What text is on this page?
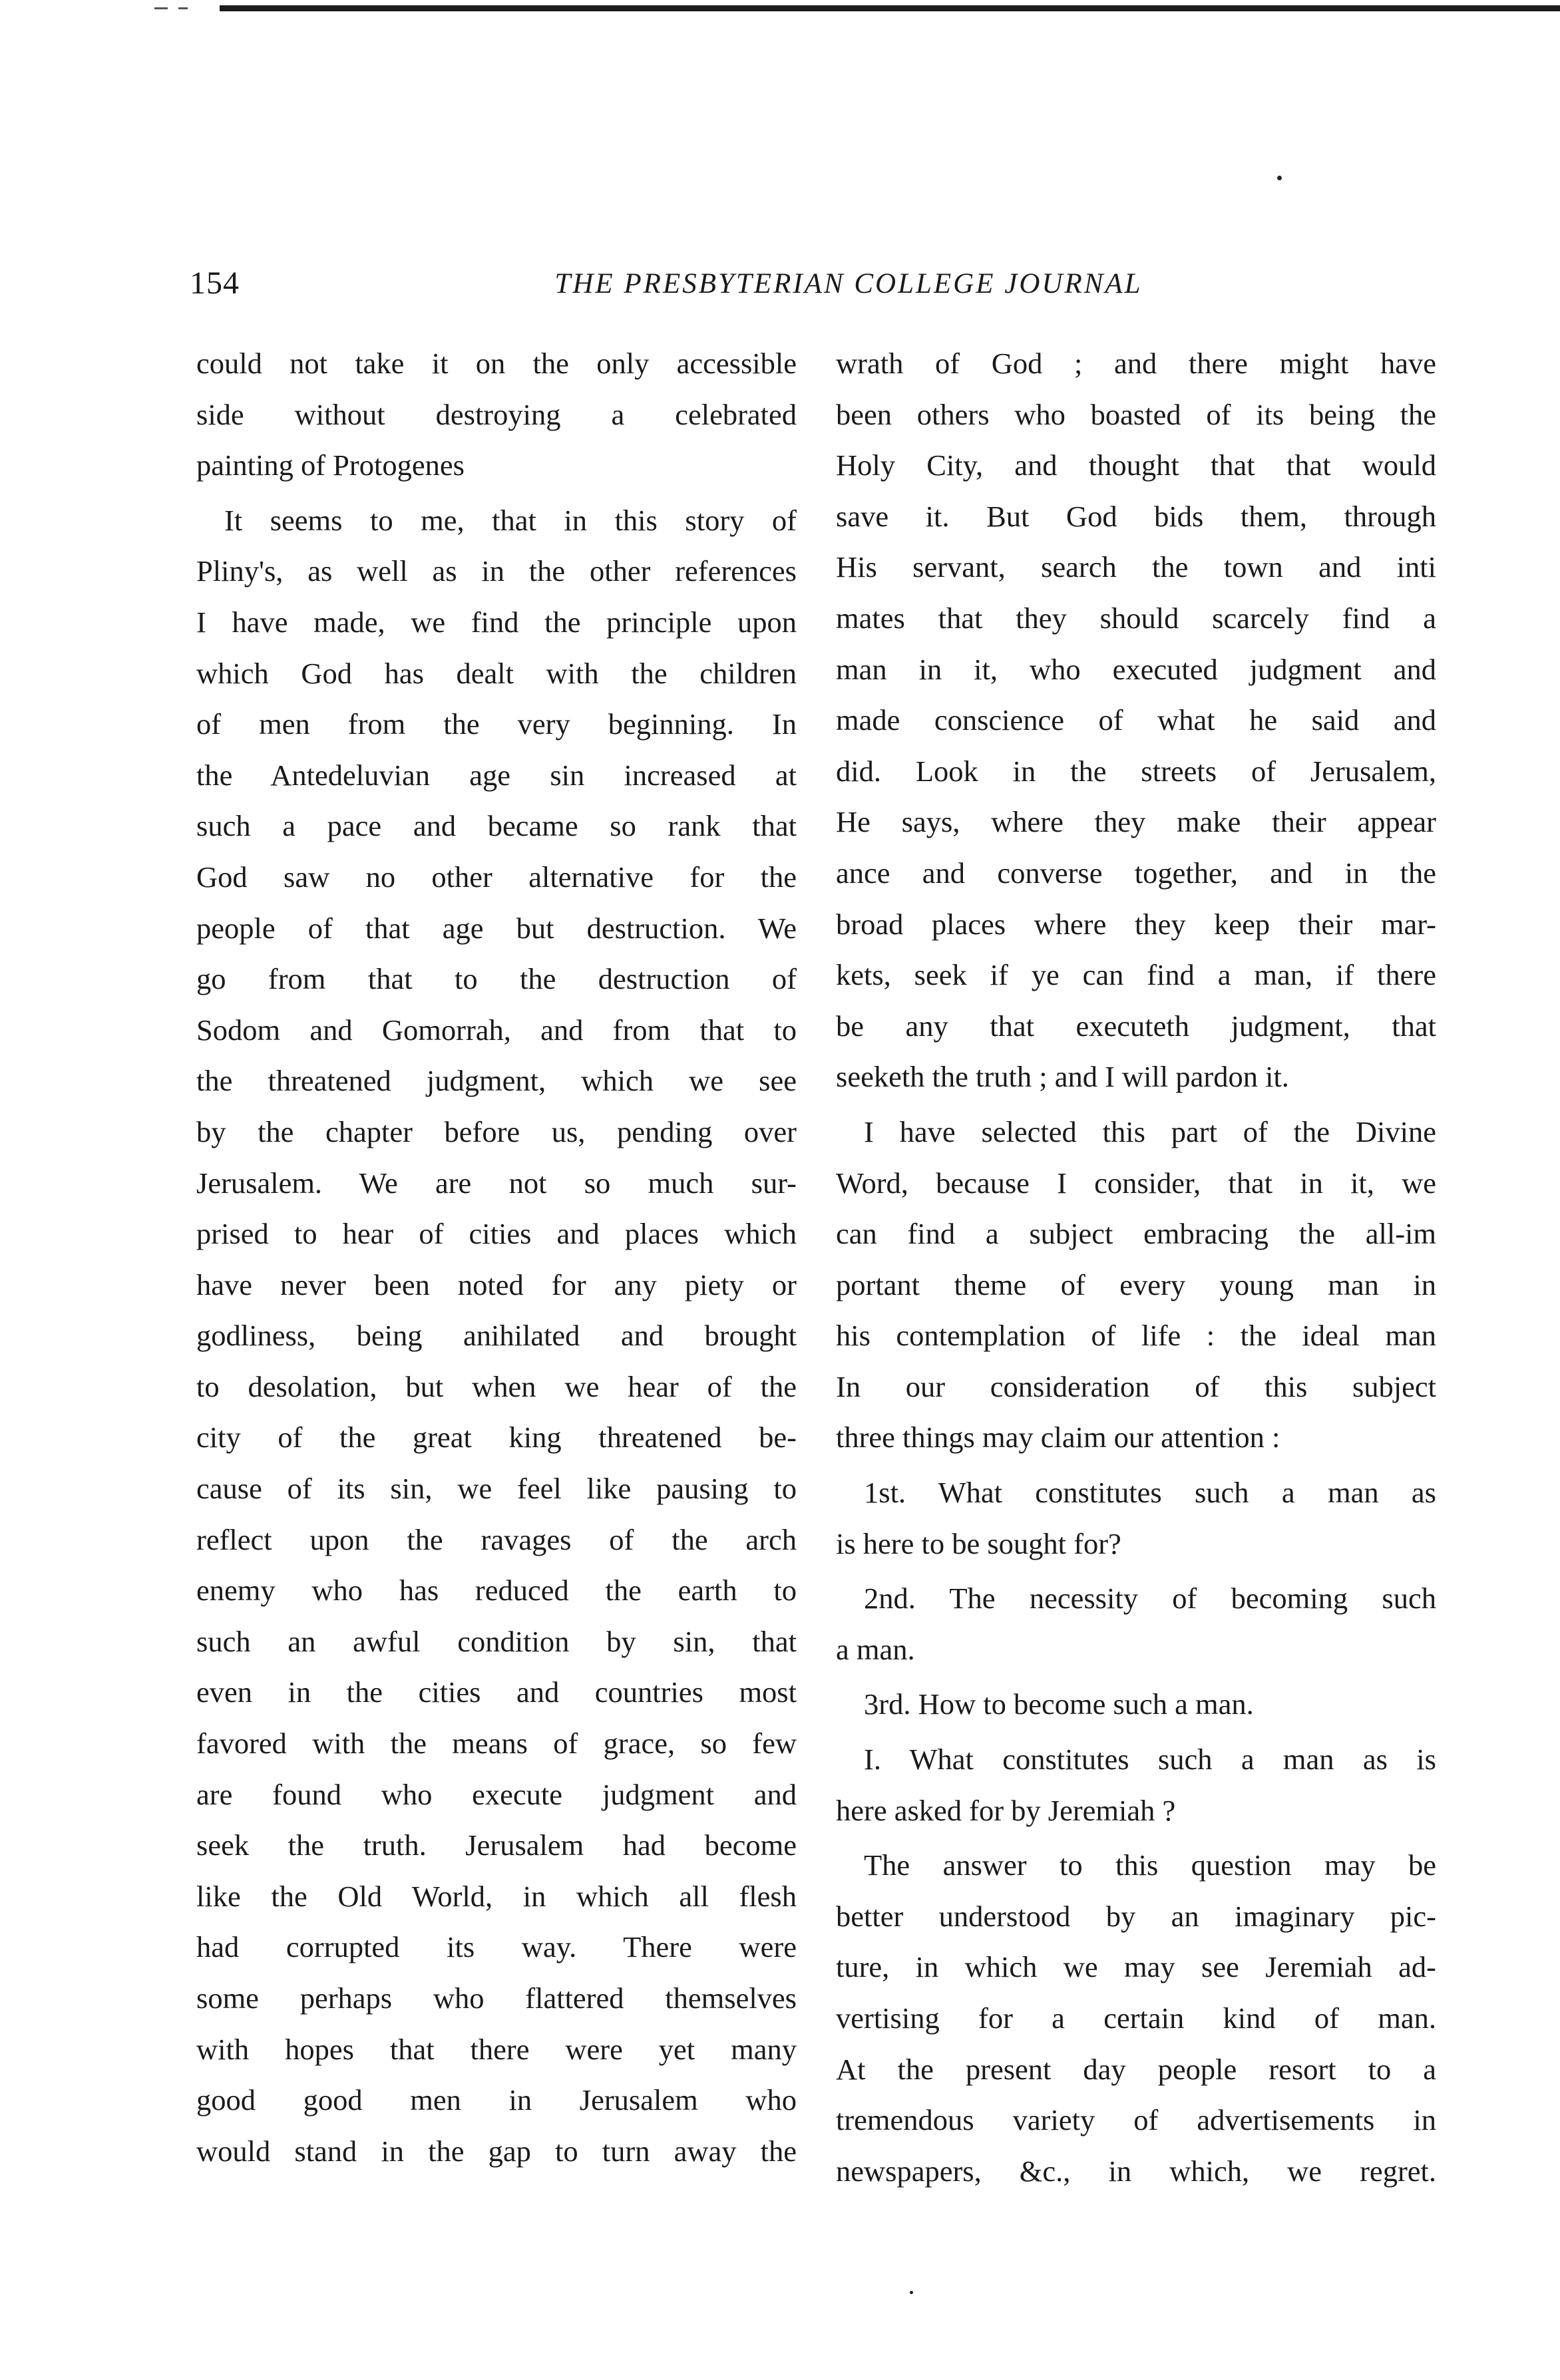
154	THE PRESBYTERIAN COLLEGE JOURNAL
could not take it on the only accessible
side without destroying a celebrated
painting of Protogenes
It seems to me, that in this story of
Pliny's, as well as in the other references
I have made, we find the principle upon
which God has dealt with the children
of men from the very beginning. In
the Antedeluvian age sin increased at
such a pace and became so rank that
God saw no other alternative for the
people of that age but destruction. We
go from that to the destruction of
Sodom and Gomorrah, and from that to
the threatened judgment, which we see
by the chapter before us, pending over
Jerusalem. We are not so much sur-
prised to hear of cities and places which
have never been noted for any piety or
godliness, being anihilated and brought
to desolation, but when we hear of the
city of the great king threatened be-
cause of its sin, we feel like pausing to
reflect upon the ravages of the arch
enemy who has reduced the earth to
such an awful condition by sin, that
even in the cities and countries most
favored with the means of grace, so few
are found who execute judgment and
seek the truth. Jerusalem had become
like the Old World, in which all flesh
had corrupted its way. There were
some perhaps who flattered themselves
with hopes that there were yet many
good good men in Jerusalem who
would stand in the gap to turn away the
wrath of God ; and there might have
been others who boasted of its being the
Holy City, and thought that that would
save it. But God bids them, through
His servant, search the town and inti
mates that they should scarcely find a
man in it, who executed judgment and
made conscience of what he said and
did. Look in the streets of Jerusalem,
He says, where they make their appear
ance and converse together, and in the
broad places where they keep their mar-
kets, seek if ye can find a man, if there
be any that executeth judgment, that
seeketh the truth ; and I will pardon it.
I have selected this part of the Divine
Word, because I consider, that in it, we
can find a subject embracing the all-im
portant theme of every young man in
his contemplation of life : the ideal man
In our consideration of this subject
three things may claim our attention :
1st. What constitutes such a man as
is here to be sought for?
2nd. The necessity of becoming such
a man.
3rd. How to become such a man.
I. What constitutes such a man as is
here asked for by Jeremiah ?
The answer to this question may be
better understood by an imaginary pic-
ture, in which we may see Jeremiah ad-
vertising for a certain kind of man.
At the present day people resort to a
tremendous variety of advertisements in
newspapers, &c., in which, we regret.
